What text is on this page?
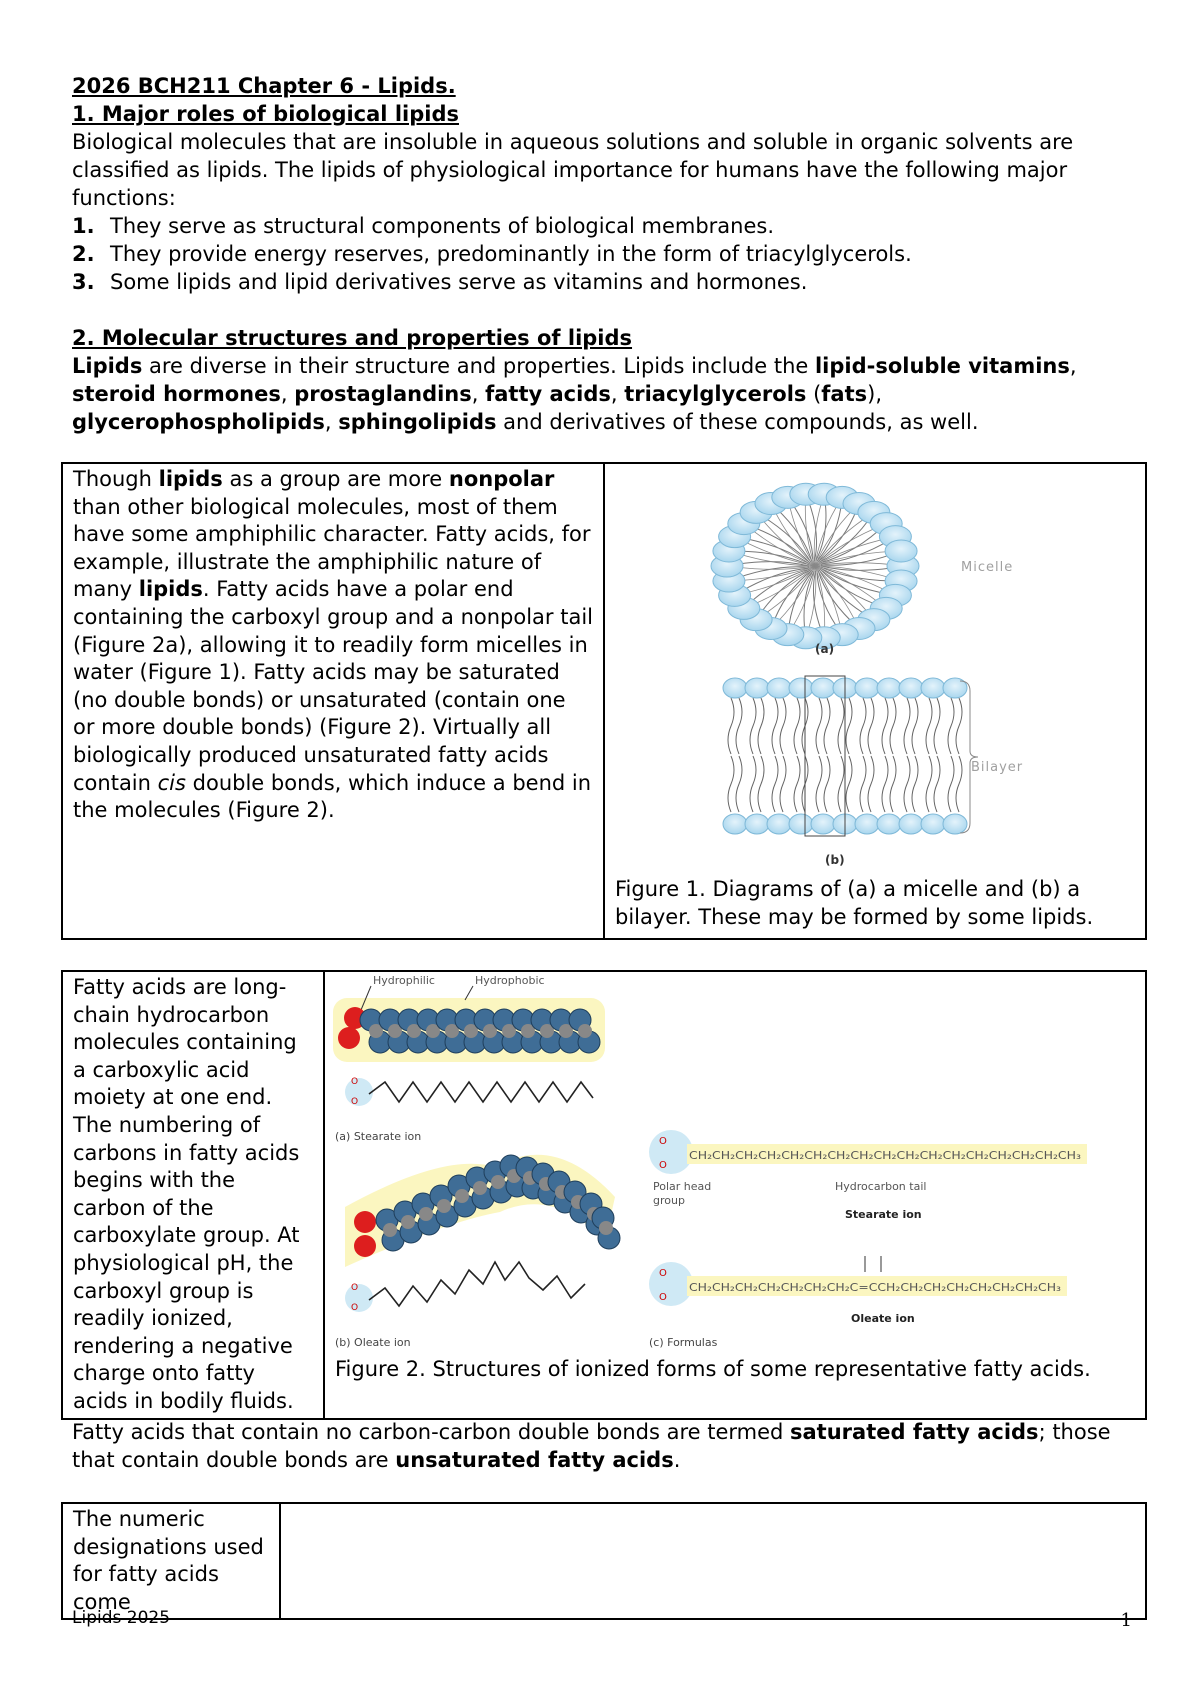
2026 BCH211 Chapter 6 - Lipids.
1. Major roles of biological lipids

Biological molecules that are insoluble in aqueous solutions and soluble in organic solvents are classified as lipids. The lipids of physiological importance for humans have the following major functions:

1. They serve as structural components of biological membranes.
2. They provide energy reserves, predominantly in the form of triacylglycerols.
3. Some lipids and lipid derivatives serve as vitamins and hormones.
2. Molecular structures and properties of lipids

Lipids are diverse in their structure and properties. Lipids include the lipid-soluble vitamins, steroid hormones, prostaglandins, fatty acids, triacylglycerols (fats), glycerophospholipids, sphingolipids and derivatives of these compounds, as well.

Though lipids as a group are more nonpolar than other biological molecules, most of them have some amphiphilic character. Fatty acids, for example, illustrate the amphiphilic nature of many lipids. Fatty acids have a polar end containing the carboxyl group and a nonpolar tail (Figure 2a), allowing it to readily form micelles in water (Figure 1). Fatty acids may be saturated (no double bonds) or unsaturated (contain one or more double bonds) (Figure 2). Virtually all biologically produced unsaturated fatty acids contain cis double bonds, which induce a bend in the molecules (Figure 2).	
Micelle
(a)
Bilayer
(b)
Figure 1. Diagrams of (a) a micelle and (b) a bilayer. These may be formed by some lipids.
Fatty acids are long-chain hydrocarbon molecules containing a carboxylic acid moiety at one end. The numbering of carbons in fatty acids begins with the carbon of the carboxylate group. At physiological pH, the carboxyl group is readily ionized, rendering a negative charge onto fatty acids in bodily fluids.	
Hydrophilic	Hydrophobic
O
O
(a) Stearate ion
O
O
(b) Oleate ion
O
O
CH₂CH₂CH₂CH₂CH₂CH₂CH₂CH₂CH₂CH₂CH₂CH₂CH₂CH₂CH₂CH₂CH₃
Polar head
group
Hydrocarbon tail
Stearate ion
O
O
CH₂CH₂CH₂CH₂CH₂CH₂CH₂C=CCH₂CH₂CH₂CH₂CH₂CH₂CH₂CH₃
Oleate ion
(c) Formulas
Figure 2. Structures of ionized forms of some representative fatty acids.
Fatty acids that contain no carbon-carbon double bonds are termed saturated fatty acids; those that contain double bonds are unsaturated fatty acids.
The numeric designations used for fatty acids come	
Lipids 2025	1
